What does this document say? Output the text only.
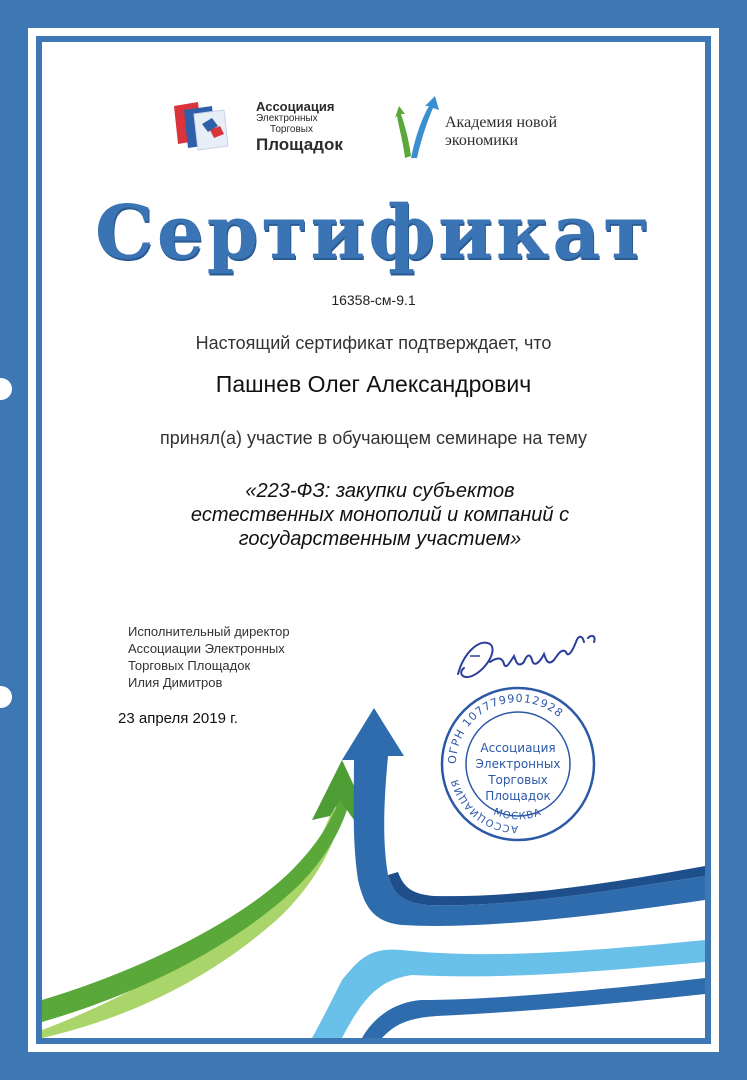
Ассоциация
Электронных
Торговых
Площадок
Академия новой
экономики
Сертификат
16358-см-9.1
Настоящий сертификат подтверждает, что
Пашнев Олег Александрович
принял(а) участие в обучающем семинаре на тему
«223-ФЗ: закупки субъектов
естественных монополий и компаний с
государственным участием»
Исполнительный директор
Ассоциации Электронных
Торговых Площадок
Илия Димитров
23 апреля 2019 г.
ОГРН 1077799012928
АССОЦИАЦИЯ
МОСКВА
Ассоциация
Электронных
Торговых
Площадок
